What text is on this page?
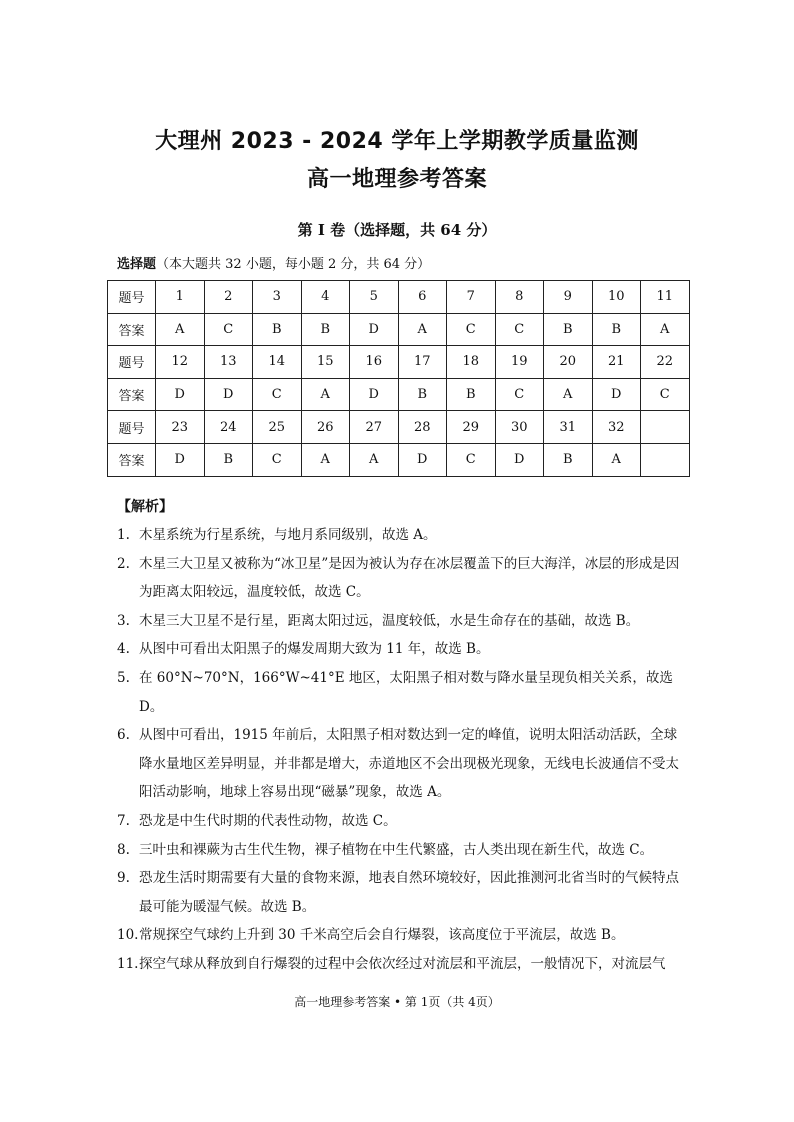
大理州 2023 - 2024 学年上学期教学质量监测
高一地理参考答案
第 I 卷（选择题，共 64 分）
选择题（本大题共 32 小题，每小题 2 分，共 64 分）
题号	1	2	3	4	5	6	7	8	9	10	11
答案	A	C	B	B	D	A	C	C	B	B	A
题号	12	13	14	15	16	17	18	19	20	21	22
答案	D	D	C	A	D	B	B	C	A	D	C
题号	23	24	25	26	27	28	29	30	31	32	
答案	D	B	C	A	A	D	C	D	B	A	
【解析】
1. 木星系统为行星系统，与地月系同级别，故选 A。
2. 木星三大卫星又被称为“冰卫星”是因为被认为存在冰层覆盖下的巨大海洋，冰层的形成是因为距离太阳较远，温度较低，故选 C。
3. 木星三大卫星不是行星，距离太阳过远，温度较低，水是生命存在的基础，故选 B。
4. 从图中可看出太阳黑子的爆发周期大致为 11 年，故选 B。
5. 在 60°N~70°N，166°W~41°E 地区，太阳黑子相对数与降水量呈现负相关关系，故选 D。
6. 从图中可看出，1915 年前后，太阳黑子相对数达到一定的峰值，说明太阳活动活跃，全球降水量地区差异明显，并非都是增大，赤道地区不会出现极光现象，无线电长波通信不受太阳活动影响，地球上容易出现“磁暴”现象，故选 A。
7. 恐龙是中生代时期的代表性动物，故选 C。
8. 三叶虫和裸蕨为古生代生物，裸子植物在中生代繁盛，古人类出现在新生代，故选 C。
9. 恐龙生活时期需要有大量的食物来源，地表自然环境较好，因此推测河北省当时的气候特点最可能为暖湿气候。故选 B。
10. 常规探空气球约上升到 30 千米高空后会自行爆裂，该高度位于平流层，故选 B。
11. 探空气球从释放到自行爆裂的过程中会依次经过对流层和平流层，一般情况下，对流层气
高一地理参考答案 • 第 1页（共 4页）
